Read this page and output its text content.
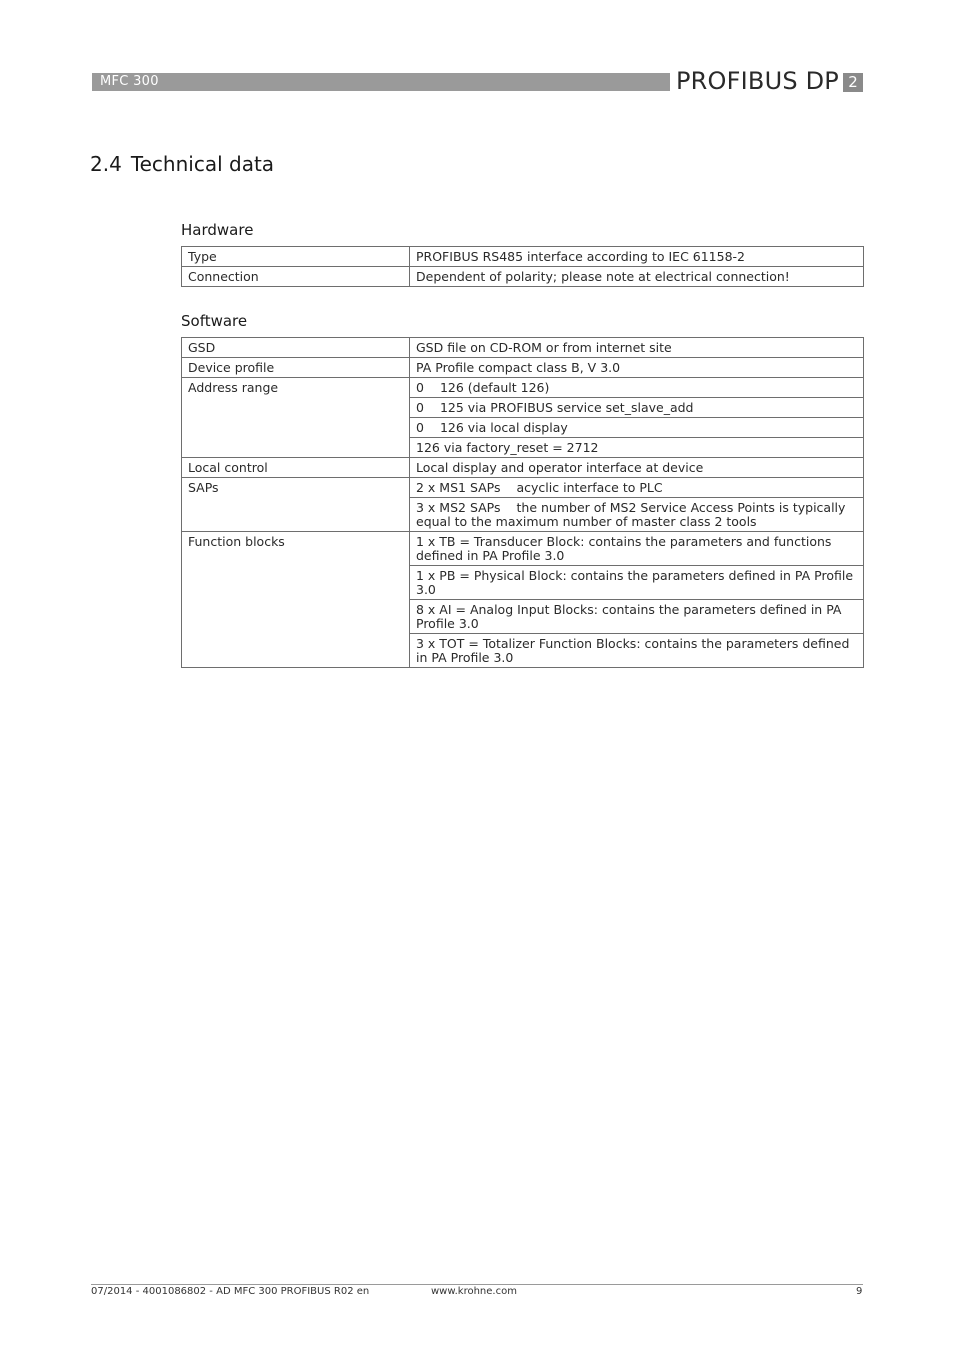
MFC 300	PROFIBUS DP 2
2.4 Technical data
Hardware
Type	PROFIBUS RS485 interface according to IEC 61158-2
Connection	Dependent of polarity; please note at electrical connection!
Software
GSD	GSD file on CD-ROM or from internet site
Device profile	PA Profile compact class B, V 3.0
Address range	0 126 (default 126)
	0 125 via PROFIBUS service set_slave_add
	0 126 via local display
	126 via factory_reset = 2712
Local control	Local display and operator interface at device
SAPs	2 x MS1 SAPs acyclic interface to PLC
	3 x MS2 SAPs the number of MS2 Service Access Points is typically equal to the maximum number of master class 2 tools
Function blocks	1 x TB = Transducer Block: contains the parameters and functions defined in PA Profile 3.0
	1 x PB = Physical Block: contains the parameters defined in PA Profile 3.0
	8 x AI = Analog Input Blocks: contains the parameters defined in PA Profile 3.0
	3 x TOT = Totalizer Function Blocks: contains the parameters defined in PA Profile 3.0
07/2014 - 4001086802 - AD MFC 300 PROFIBUS R02 en	www.krohne.com	9
